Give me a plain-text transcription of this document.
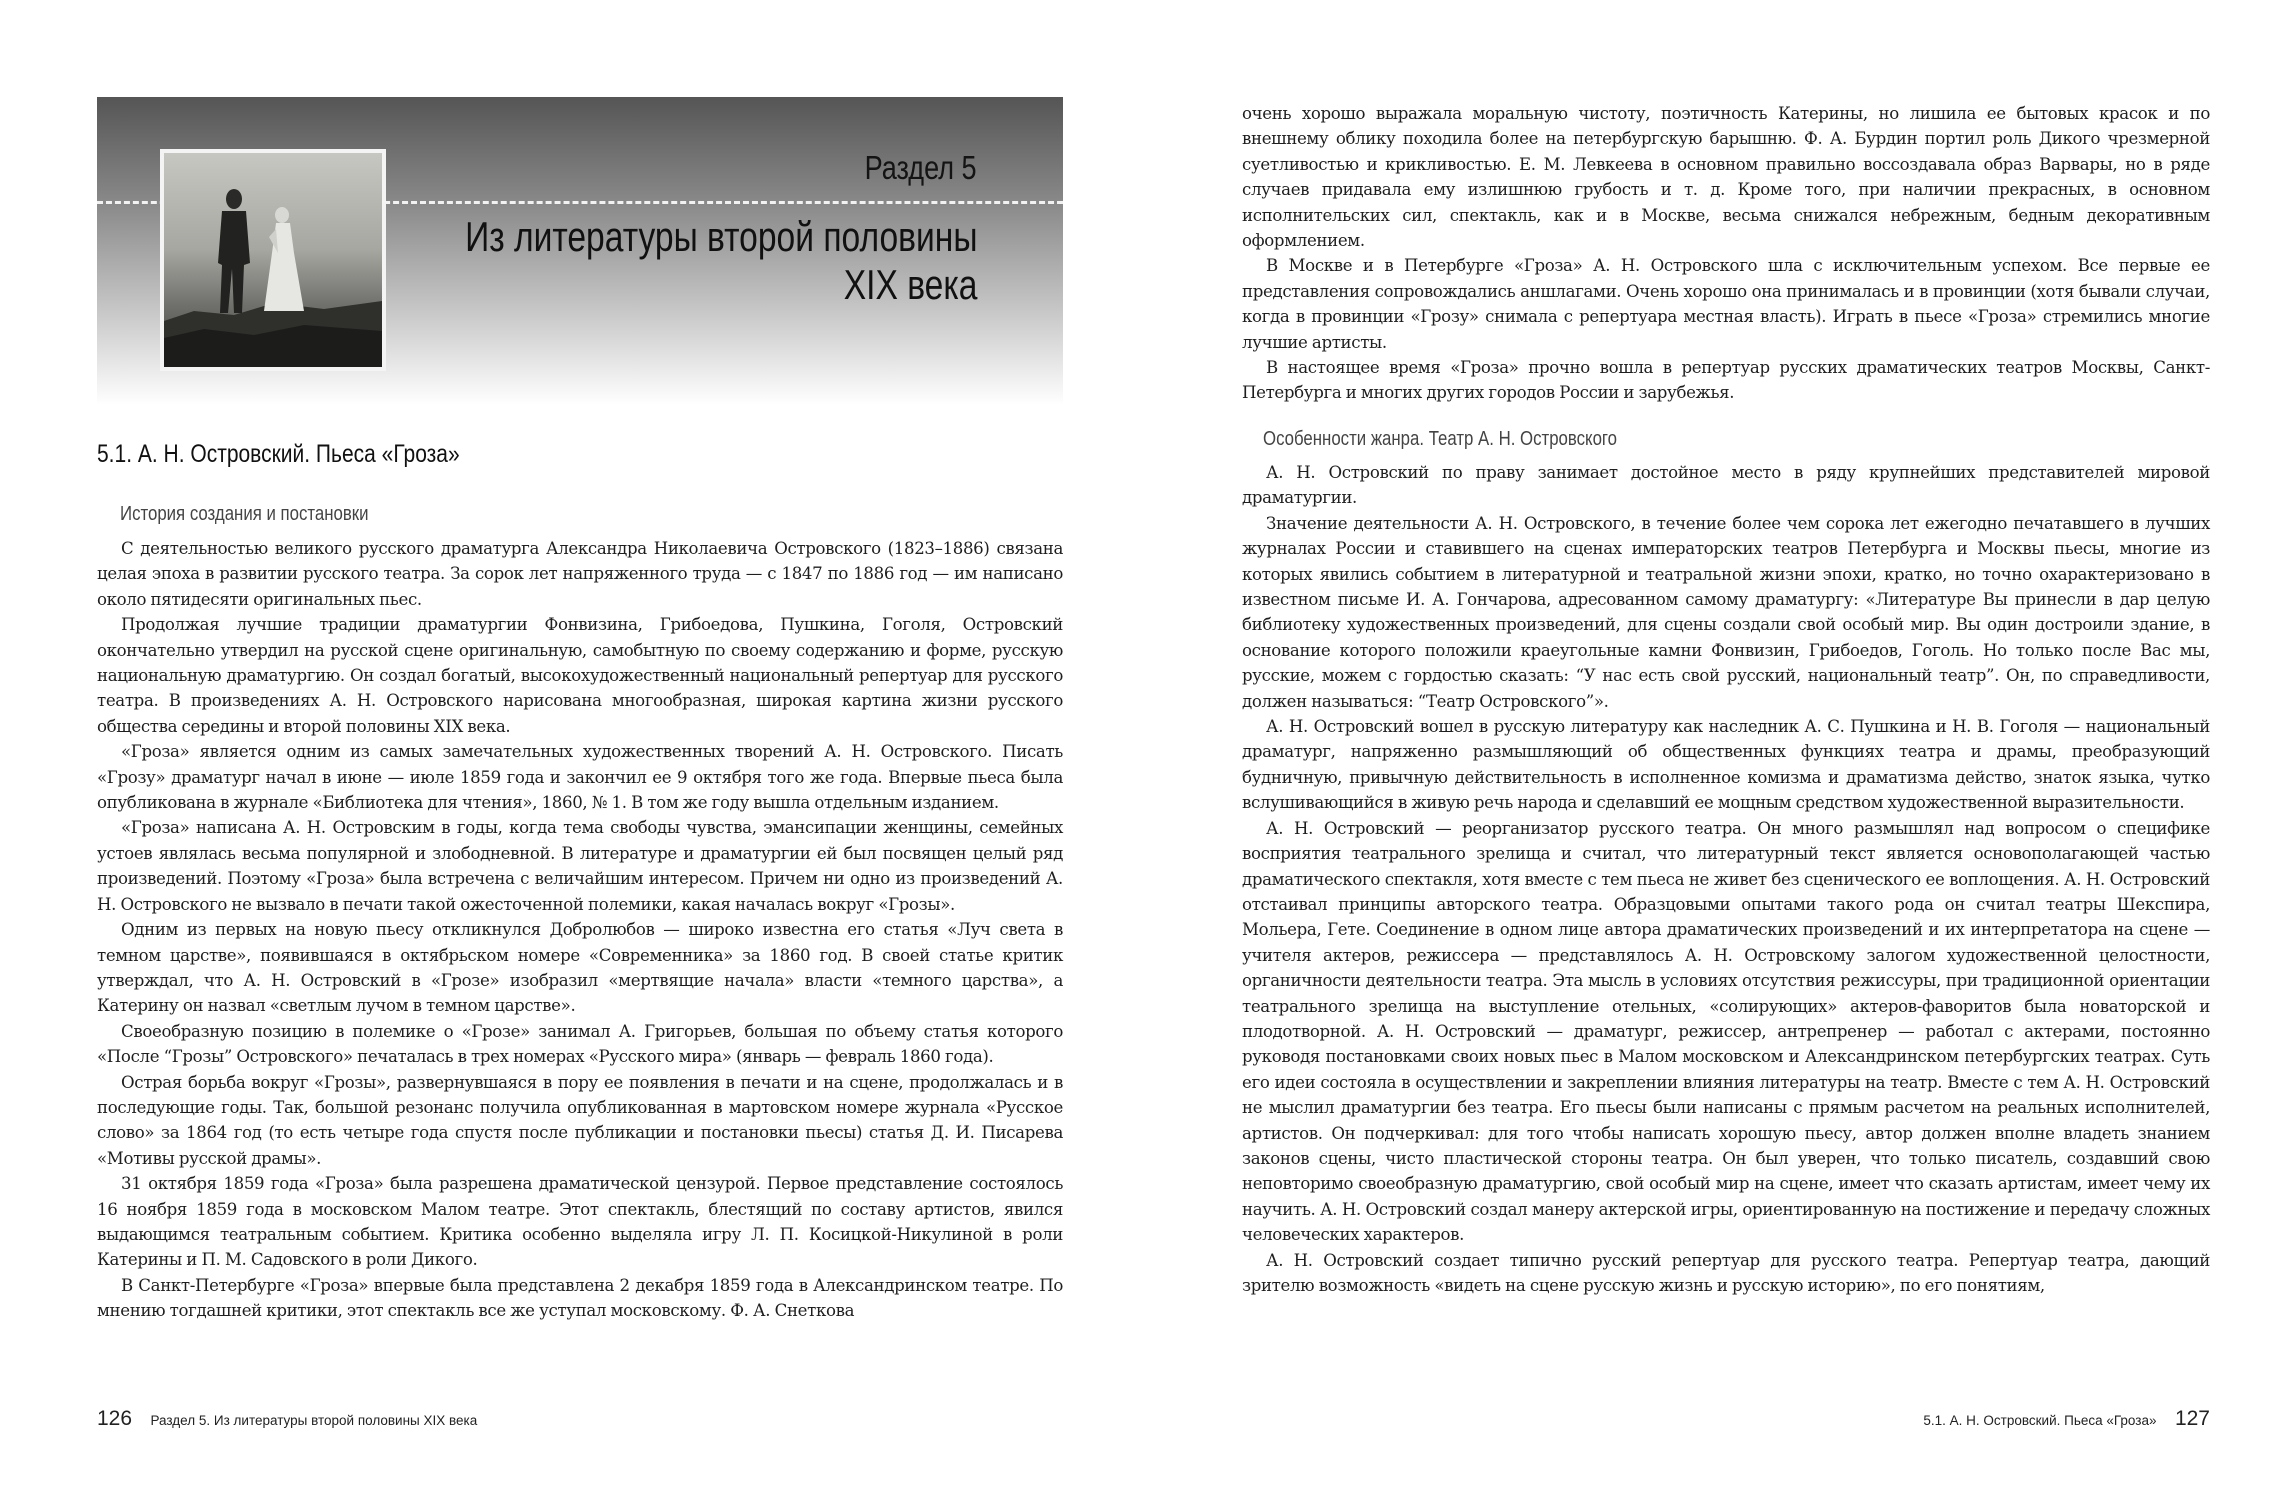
Раздел 5
Из литературы второй половины
XIX века
5.1. А. Н. Островский. Пьеса «Гроза»
История создания и постановки

С деятельностью великого русского драматурга Александра Николаевича Островского (1823–1886) связана целая эпоха в развитии русского театра. За сорок лет напряженного труда — с 1847 по 1886 год — им написано около пятидесяти оригинальных пьес.

Продолжая лучшие традиции драматургии Фонвизина, Грибоедова, Пушкина, Гоголя, Островский окончательно утвердил на русской сцене оригинальную, самобытную по своему содержанию и форме, русскую национальную драматургию. Он создал богатый, высокохудожественный национальный репертуар для русского театра. В произведениях А. Н. Островского нарисована многообразная, широкая картина жизни русского общества середины и второй половины XIX века.

«Гроза» является одним из самых замечательных художественных творений А. Н. Островского. Писать «Грозу» драматург начал в июне — июле 1859 года и закончил ее 9 октября того же года. Впервые пьеса была опубликована в журнале «Библиотека для чтения», 1860, № 1. В том же году вышла отдельным изданием.

«Гроза» написана А. Н. Островским в годы, когда тема свободы чувства, эмансипации женщины, семейных устоев являлась весьма популярной и злободневной. В литературе и драматургии ей был посвящен целый ряд произведений. Поэтому «Гроза» была встречена с величайшим интересом. Причем ни одно из произведений А. Н. Островского не вызвало в печати такой ожесточенной полемики, какая началась вокруг «Грозы».

Одним из первых на новую пьесу откликнулся Добролюбов — широко известна его статья «Луч света в темном царстве», появившаяся в октябрьском номере «Современника» за 1860 год. В своей статье критик утверждал, что А. Н. Островский в «Грозе» изобразил «мертвящие начала» власти «темного царства», а Катерину он назвал «светлым лучом в темном царстве».

Своеобразную позицию в полемике о «Грозе» занимал А. Григорьев, большая по объему статья которого «После “Грозы” Островского» печаталась в трех номерах «Русского мира» (январь — февраль 1860 года).

Острая борьба вокруг «Грозы», развернувшаяся в пору ее появления в печати и на сцене, продолжалась и в последующие годы. Так, большой резонанс получила опубликованная в мартовском номере журнала «Русское слово» за 1864 год (то есть четыре года спустя после публикации и постановки пьесы) статья Д. И. Писарева «Мотивы русской драмы».

31 октября 1859 года «Гроза» была разрешена драматической цензурой. Первое представление состоялось 16 ноября 1859 года в московском Малом театре. Этот спектакль, блестящий по составу артистов, явился выдающимся театральным событием. Критика особенно выделяла игру Л. П. Косицкой-Никулиной в роли Катерины и П. М. Садовского в роли Дикого.

В Санкт-Петербурге «Гроза» впервые была представлена 2 декабря 1859 года в Александринском театре. По мнению тогдашней критики, этот спектакль все же уступал московскому. Ф. А. Снеткова

126 Раздел 5. Из литературы второй половины XIX века

очень хорошо выражала моральную чистоту, поэтичность Катерины, но лишила ее бытовых красок и по внешнему облику походила более на петербургскую барышню. Ф. А. Бурдин портил роль Дикого чрезмерной суетливостью и крикливостью. Е. М. Левкеева в основном правильно воссоздавала образ Варвары, но в ряде случаев придавала ему излишнюю грубость и т. д. Кроме того, при наличии прекрасных, в основном исполнительских сил, спектакль, как и в Москве, весьма снижался небрежным, бедным декоративным оформлением.

В Москве и в Петербурге «Гроза» А. Н. Островского шла с исключительным успехом. Все первые ее представления сопровождались аншлагами. Очень хорошо она принималась и в провинции (хотя бывали случаи, когда в провинции «Грозу» снимала с репертуара местная власть). Играть в пьесе «Гроза» стремились многие лучшие артисты.

В настоящее время «Гроза» прочно вошла в репертуар русских драматических театров Москвы, Санкт-Петербурга и многих других городов России и зарубежья.

Особенности жанра. Театр А. Н. Островского

А. Н. Островский по праву занимает достойное место в ряду крупнейших представителей мировой драматургии.

Значение деятельности А. Н. Островского, в течение более чем сорока лет ежегодно печатавшего в лучших журналах России и ставившего на сценах императорских театров Петербурга и Москвы пьесы, многие из которых явились событием в литературной и театральной жизни эпохи, кратко, но точно охарактеризовано в известном письме И. А. Гончарова, адресованном самому драматургу: «Литературе Вы принесли в дар целую библиотеку художественных произведений, для сцены создали свой особый мир. Вы один достроили здание, в основание которого положили краеугольные камни Фонвизин, Грибоедов, Гоголь. Но только после Вас мы, русские, можем с гордостью сказать: “У нас есть свой русский, национальный театр”. Он, по справедливости, должен называться: “Театр Островского”».

А. Н. Островский вошел в русскую литературу как наследник А. С. Пушкина и Н. В. Гоголя — национальный драматург, напряженно размышляющий об общественных функциях театра и драмы, преобразующий будничную, привычную действительность в исполненное комизма и драматизма действо, знаток языка, чутко вслушивающийся в живую речь народа и сделавший ее мощным средством художественной выразительности.

А. Н. Островский — реорганизатор русского театра. Он много размышлял над вопросом о специфике восприятия театрального зрелища и считал, что литературный текст является основополагающей частью драматического спектакля, хотя вместе с тем пьеса не живет без сценического ее воплощения. А. Н. Островский отстаивал принципы авторского театра. Образцовыми опытами такого рода он считал театры Шекспира, Мольера, Гете. Соединение в одном лице автора драматических произведений и их интерпретатора на сцене — учителя актеров, режиссера — представлялось А. Н. Островскому залогом художественной целостности, органичности деятельности театра. Эта мысль в условиях отсутствия режиссуры, при традиционной ориентации театрального зрелища на выступление отельных, «солирующих» актеров-фаворитов была новаторской и плодотворной. А. Н. Островский — драматург, режиссер, антрепренер — работал с актерами, постоянно руководя постановками своих новых пьес в Малом московском и Александринском петербургских театрах. Суть его идеи состояла в осуществлении и закреплении влияния литературы на театр. Вместе с тем А. Н. Островский не мыслил драматургии без театра. Его пьесы были написаны с прямым расчетом на реальных исполнителей, артистов. Он подчеркивал: для того чтобы написать хорошую пьесу, автор должен вполне владеть знанием законов сцены, чисто пластической стороны театра. Он был уверен, что только писатель, создавший свою неповторимо своеобразную драматургию, свой особый мир на сцене, имеет что сказать артистам, имеет чему их научить. А. Н. Островский создал манеру актерской игры, ориентированную на постижение и передачу сложных человеческих характеров.

А. Н. Островский создает типично русский репертуар для русского театра. Репертуар театра, дающий зрителю возможность «видеть на сцене русскую жизнь и русскую историю», по его понятиям,

5.1. А. Н. Островский. Пьеса «Гроза» 127
